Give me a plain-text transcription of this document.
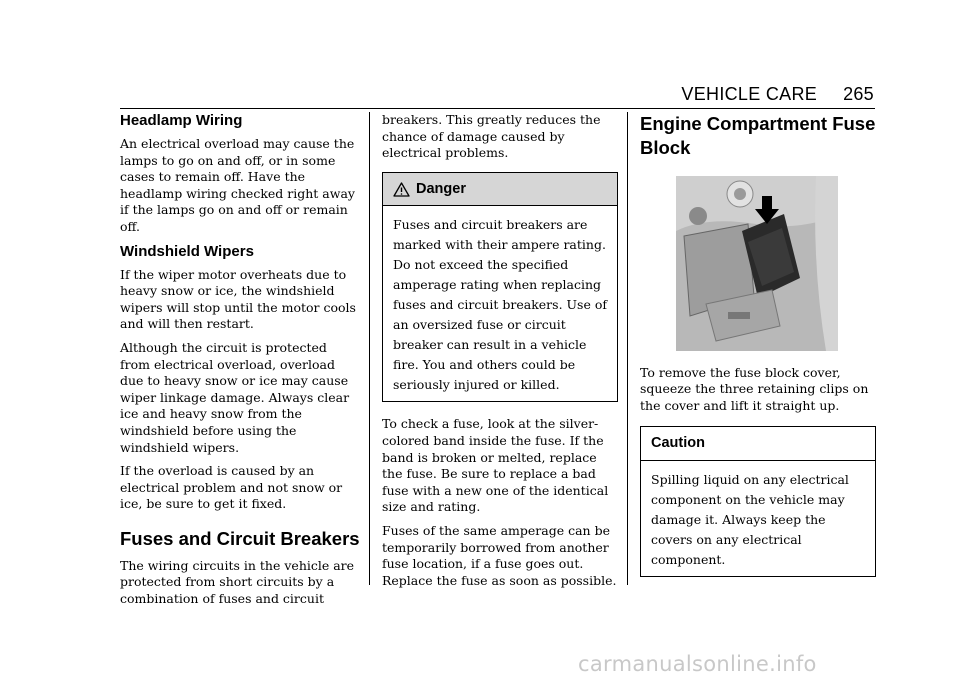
VEHICLE CARE 265
Headlamp Wiring

An electrical overload may cause the lamps to go on and off, or in some cases to remain off. Have the headlamp wiring checked right away if the lamps go on and off or remain off.

Windshield Wipers

If the wiper motor overheats due to heavy snow or ice, the windshield wipers will stop until the motor cools and will then restart.

Although the circuit is protected from electrical overload, overload due to heavy snow or ice may cause wiper linkage damage. Always clear ice and heavy snow from the windshield before using the windshield wipers.

If the overload is caused by an electrical problem and not snow or ice, be sure to get it fixed.

Fuses and Circuit Breakers

The wiring circuits in the vehicle are protected from short circuits by a combination of fuses and circuit

breakers. This greatly reduces the chance of damage caused by electrical problems.

Danger
Fuses and circuit breakers are marked with their ampere rating. Do not exceed the specified amperage rating when replacing fuses and circuit breakers. Use of an oversized fuse or circuit breaker can result in a vehicle fire. You and others could be seriously injured or killed.

To check a fuse, look at the silver-colored band inside the fuse. If the band is broken or melted, replace the fuse. Be sure to replace a bad fuse with a new one of the identical size and rating.

Fuses of the same amperage can be temporarily borrowed from another fuse location, if a fuse goes out. Replace the fuse as soon as possible.

Engine Compartment Fuse Block

To remove the fuse block cover, squeeze the three retaining clips on the cover and lift it straight up.

Caution
Spilling liquid on any electrical component on the vehicle may damage it. Always keep the covers on any electrical component.
carmanualsonline.info
